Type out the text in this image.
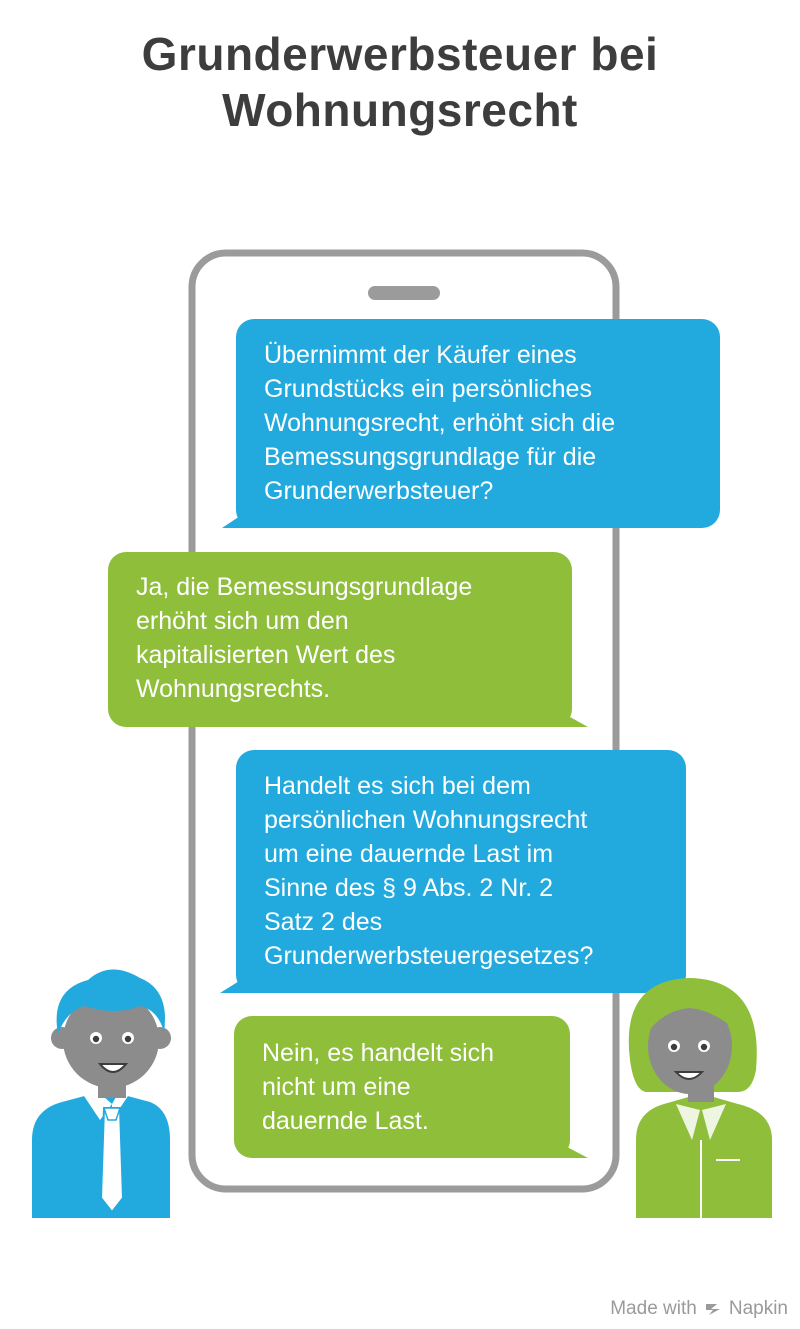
Grunderwerbsteuer bei
Wohnungsrecht
Übernimmt der Käufer eines
Grundstücks ein persönliches
Wohnungsrecht, erhöht sich die
Bemessungsgrundlage für die
Grunderwerbsteuer?
Ja, die Bemessungsgrundlage
erhöht sich um den
kapitalisierten Wert des
Wohnungsrechts.
Handelt es sich bei dem
persönlichen Wohnungsrecht
um eine dauernde Last im
Sinne des § 9 Abs. 2 Nr. 2
Satz 2 des
Grunderwerbsteuergesetzes?
Nein, es handelt sich
nicht um eine
dauernde Last.
Made with Napkin
